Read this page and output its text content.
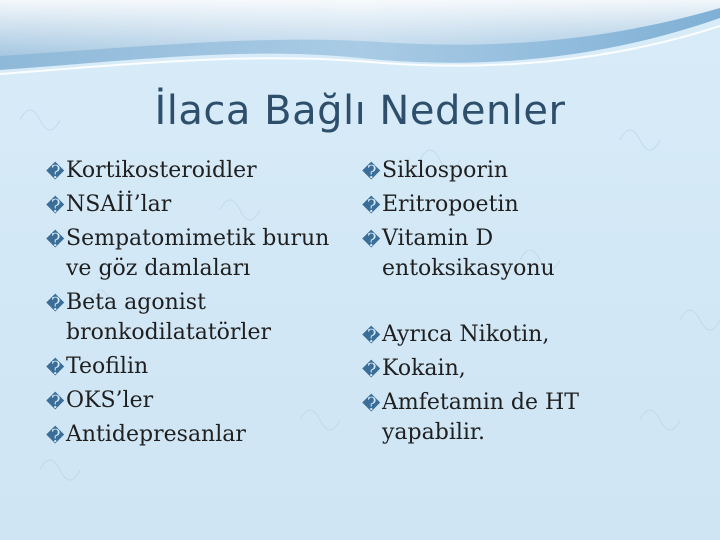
İlaca Bağlı Nedenler

� Kortikosteroidler

� NSAİİ’lar

� Sempatomimetik burun
ve göz damlaları

� Beta agonist
bronkodilatatörler

� Teofilin

� OKS’ler

� Antidepresanlar

� Siklosporin

� Eritropoetin

� Vitamin D
entoksikasyonu

� Ayrıca Nikotin,

� Kokain,

� Amfetamin de HT
yapabilir.
